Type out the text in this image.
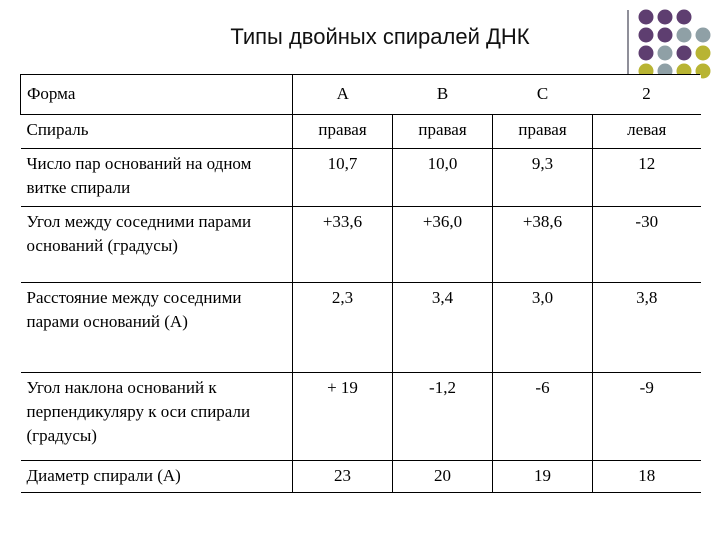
Типы двойных спиралей ДНК
Форма	A	B	C	2
Спираль	правая	правая	правая	левая
Число пар оснований на одном витке спирали	10,7	10,0	9,3	12
Угол между соседними парами оснований (градусы)	+33,6	+36,0	+38,6	-30
Расстояние между соседними парами оснований (А)	2,3	3,4	3,0	3,8
Угол наклона оснований к перпендикуляру к оси спирали (градусы)	+ 19	-1,2	-6	-9
Диаметр спирали (А)	23	20	19	18
